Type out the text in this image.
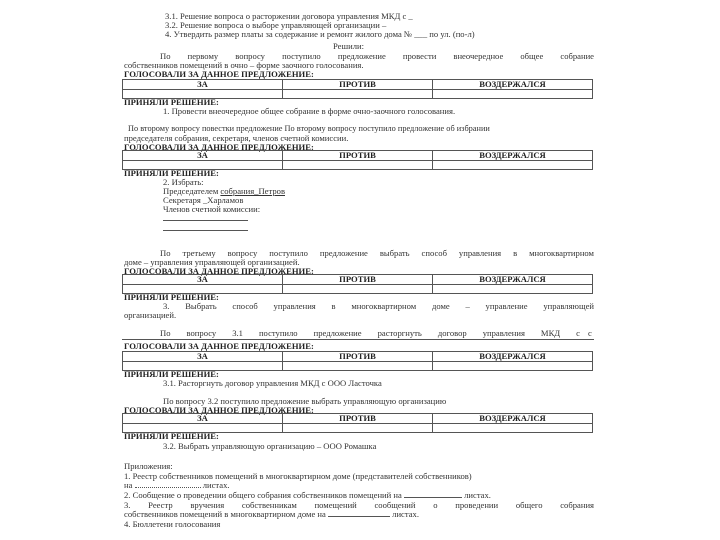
3.1. Решение вопроса о расторжении договора управления МКД с _
3.2. Решение вопроса о выборе управляющей организации –
4. Утвердить размер платы за содержание и ремонт жилого дома № ___ по ул. (по-л)
Решили:
По первому вопросу поступило предложение провести внеочередное общее собрание
собственников помещений в очно – форме заочного голосования.
ГОЛОСОВАЛИ ЗА ДАННОЕ ПРЕДЛОЖЕНИЕ:
ЗА	ПРОТИВ	ВОЗДЕРЖАЛСЯ

ПРИНЯЛИ РЕШЕНИЕ:
1. Провести внеочередное общее собрание в форме очно-заочного голосования.
По второму вопросу повестки предложение По второму вопросу поступило предложение об избрании
председателя собрания, секретаря, членов счетной комиссии.
ГОЛОСОВАЛИ ЗА ДАННОЕ ПРЕДЛОЖЕНИЕ:
ЗА	ПРОТИВ	ВОЗДЕРЖАЛСЯ

ПРИНЯЛИ РЕШЕНИЕ:
2. Избрать:
Председателем собрания_Петров
Секретаря _Харламов
Членов счетной комиссии:
По третьему вопросу поступило предложение выбрать способ управления в многоквартирном
доме – управления управляющей организацией.
ГОЛОСОВАЛИ ЗА ДАННОЕ ПРЕДЛОЖЕНИЕ:
ЗА	ПРОТИВ	ВОЗДЕРЖАЛСЯ

ПРИНЯЛИ РЕШЕНИЕ:
3. Выбрать способ управления в многоквартирном доме – управление управляющей
организацией.
По вопросу 3.1 поступило предложение расторгнуть договор управления МКД с с
ГОЛОСОВАЛИ ЗА ДАННОЕ ПРЕДЛОЖЕНИЕ:
ЗА	ПРОТИВ	ВОЗДЕРЖАЛСЯ

ПРИНЯЛИ РЕШЕНИЕ:
3.1. Расторгнуть договор управления МКД с ООО Ласточка
По вопросу 3.2 поступило предложение выбрать управляющую организацию
ГОЛОСОВАЛИ ЗА ДАННОЕ ПРЕДЛОЖЕНИЕ:
ЗА	ПРОТИВ	ВОЗДЕРЖАЛСЯ

ПРИНЯЛИ РЕШЕНИЕ:
3.2. Выбрать управляющую организацию – ООО Ромашка
Приложения:
1. Реестр собственников помещений в многоквартирном доме (представителей собственников)
на	листах.
2. Сообщение о проведении общего собрания собственников помещений на	листах.
3. Реестр вручения собственникам помещений сообщений о проведении общего собрания
собственников помещений в многоквартирном доме на	листах.
4. Бюллетени голосования
